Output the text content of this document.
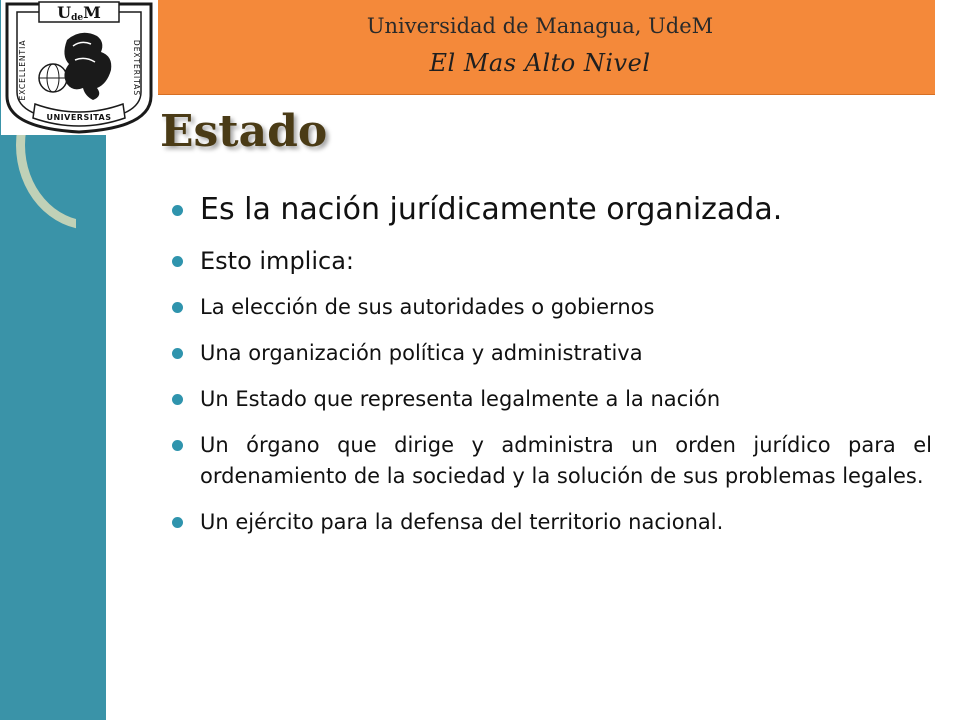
Universidad de Managua, UdeM
El Mas Alto Nivel
UdeM
EXCELLENTIA	DEXTERITAS
UNIVERSITAS Estado
Es la nación jurídicamente organizada.
Esto implica:
La elección de sus autoridades o gobiernos
Una organización política y administrativa
Un Estado que representa legalmente a la nación
Un órgano que dirige y administra un orden jurídico para el ordenamiento de la sociedad y la solución de sus problemas legales.
Un ejército para la defensa del territorio nacional.
